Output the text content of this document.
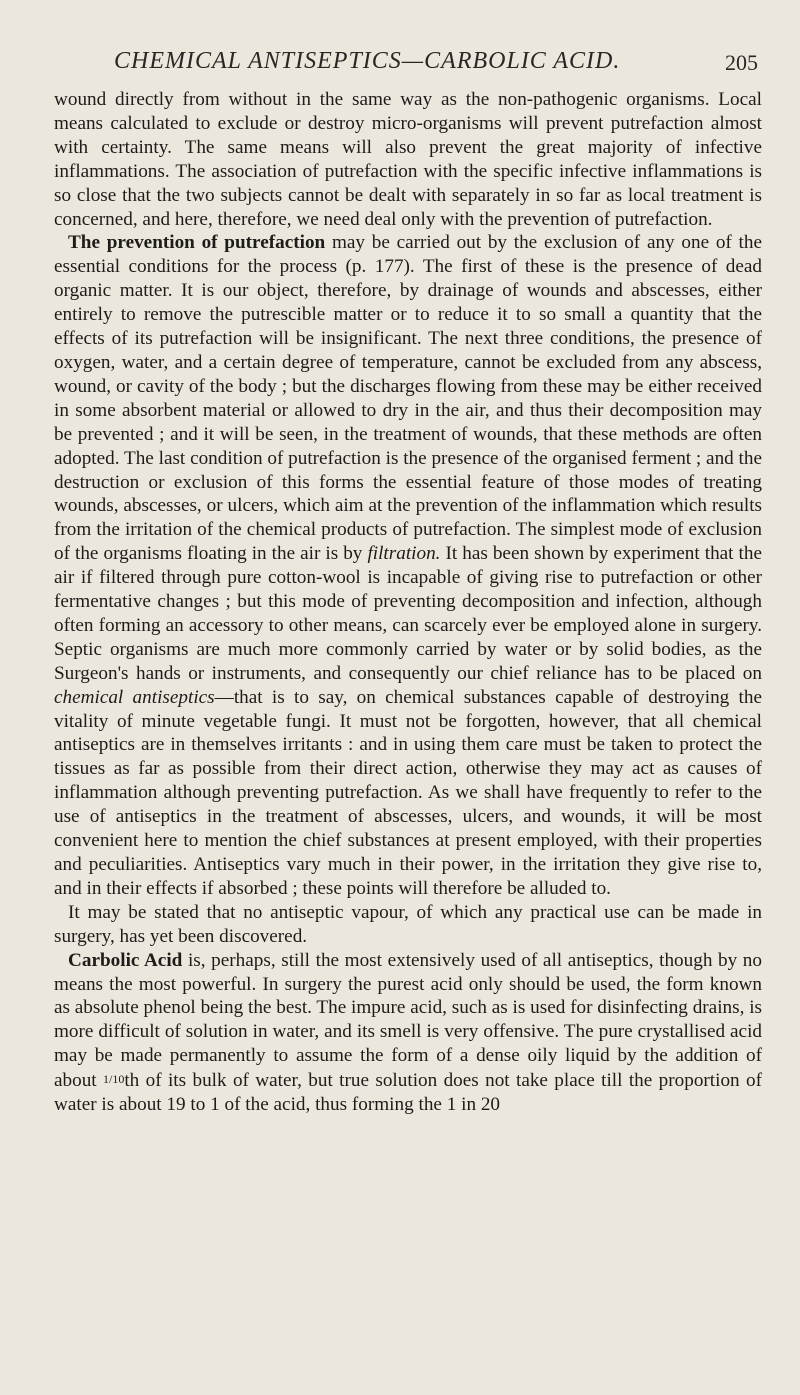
CHEMICAL ANTISEPTICS—CARBOLIC ACID.	205

wound directly from without in the same way as the non-pathogenic organisms. Local means calculated to exclude or destroy micro-organisms will prevent putrefaction almost with certainty. The same means will also prevent the great majority of infective inflammations. The association of putrefaction with the specific infective inflammations is so close that the two subjects cannot be dealt with separately in so far as local treatment is concerned, and here, therefore, we need deal only with the prevention of putrefaction.

The prevention of putrefaction may be carried out by the exclusion of any one of the essential conditions for the process (p. 177). The first of these is the presence of dead organic matter. It is our object, therefore, by drainage of wounds and abscesses, either entirely to remove the putrescible matter or to reduce it to so small a quantity that the effects of its putrefaction will be insignificant. The next three conditions, the presence of oxygen, water, and a certain degree of temperature, cannot be excluded from any abscess, wound, or cavity of the body ; but the discharges flowing from these may be either received in some absorbent material or allowed to dry in the air, and thus their decomposition may be prevented ; and it will be seen, in the treatment of wounds, that these methods are often adopted. The last condition of putrefaction is the presence of the organised ferment ; and the destruction or exclusion of this forms the essential feature of those modes of treating wounds, abscesses, or ulcers, which aim at the prevention of the inflammation which results from the irritation of the chemical products of putrefaction. The simplest mode of exclusion of the organisms floating in the air is by filtration. It has been shown by experiment that the air if filtered through pure cotton-wool is incapable of giving rise to putrefaction or other fermentative changes ; but this mode of preventing decomposition and infection, although often forming an accessory to other means, can scarcely ever be employed alone in surgery. Septic organisms are much more commonly carried by water or by solid bodies, as the Surgeon's hands or instruments, and consequently our chief reliance has to be placed on chemical antiseptics—that is to say, on chemical substances capable of destroying the vitality of minute vegetable fungi. It must not be forgotten, however, that all chemical antiseptics are in themselves irritants : and in using them care must be taken to protect the tissues as far as possible from their direct action, otherwise they may act as causes of inflammation although preventing putrefaction. As we shall have frequently to refer to the use of antiseptics in the treatment of abscesses, ulcers, and wounds, it will be most convenient here to mention the chief substances at present employed, with their properties and peculiarities. Antiseptics vary much in their power, in the irritation they give rise to, and in their effects if absorbed ; these points will therefore be alluded to.

It may be stated that no antiseptic vapour, of which any practical use can be made in surgery, has yet been discovered.

Carbolic Acid is, perhaps, still the most extensively used of all antiseptics, though by no means the most powerful. In surgery the purest acid only should be used, the form known as absolute phenol being the best. The impure acid, such as is used for disinfecting drains, is more difficult of solution in water, and its smell is very offensive. The pure crystallised acid may be made permanently to assume the form of a dense oily liquid by the addition of about 1/10th of its bulk of water, but true solution does not take place till the proportion of water is about 19 to 1 of the acid, thus forming the 1 in 20
